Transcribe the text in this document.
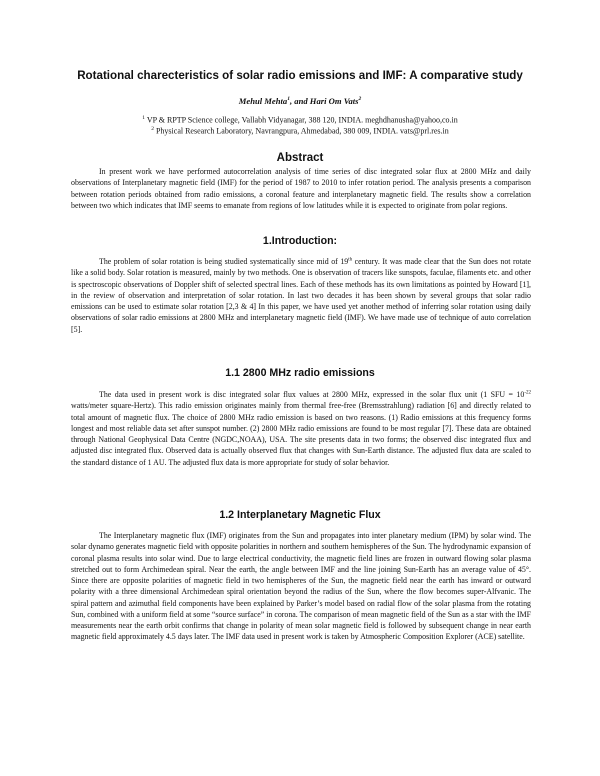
Rotational charecteristics of solar radio emissions and IMF: A comparative study
Mehul Mehta$^1$, and Hari Om Vats$^2$
$^1$ VP & RPTP Science college, Vallabh Vidyanagar, 388 120, INDIA. meghdhanusha@yahoo,co.in
$^2$ Physical Research Laboratory, Navrangpura, Ahmedabad, 380 009, INDIA. vats@prl.res.in
Abstract

In present work we have performed autocorrelation analysis of time series of disc integrated solar flux at 2800 MHz and daily observations of Interplanetary magnetic field (IMF) for the period of 1987 to 2010 to infer rotation period. The analysis presents a comparison between rotation periods obtained from radio emissions, a coronal feature and interplanetary magnetic field. The results show a correlation between two which indicates that IMF seems to emanate from regions of low latitudes while it is expected to originate from polar regions.

1.Introduction:

The problem of solar rotation is being studied systematically since mid of 19th century. It was made clear that the Sun does not rotate like a solid body. Solar rotation is measured, mainly by two methods. One is observation of tracers like sunspots, faculae, filaments etc. and other is spectroscopic observations of Doppler shift of selected spectral lines. Each of these methods has its own limitations as pointed by Howard [1], in the review of observation and interpretation of solar rotation. In last two decades it has been shown by several groups that solar radio emissions can be used to estimate solar rotation [2,3 & 4] In this paper, we have used yet another method of inferring solar rotation using daily observations of solar radio emissions at 2800 MHz and interplanetary magnetic field (IMF). We have made use of technique of auto correlation [5].

1.1 2800 MHz radio emissions

The data used in present work is disc integrated solar flux values at 2800 MHz, expressed in the solar flux unit (1 SFU = $10^{-22}$ watts/meter square-Hertz). This radio emission originates mainly from thermal free-free (Bremsstrahlung) radiation [6] and directly related to total amount of magnetic flux. The choice of 2800 MHz radio emission is based on two reasons. (1) Radio emissions at this frequency forms longest and most reliable data set after sunspot number. (2) 2800 MHz radio emissions are found to be most regular [7]. These data are obtained through National Geophysical Data Centre (NGDC,NOAA), USA. The site presents data in two forms; the observed disc integrated flux and adjusted disc integrated flux. Observed data is actually observed flux that changes with Sun-Earth distance. The adjusted flux data are scaled to the standard distance of 1 AU. The adjusted flux data is more appropriate for study of solar behavior.

1.2 Interplanetary Magnetic Flux

The Interplanetary magnetic flux (IMF) originates from the Sun and propagates into inter planetary medium (IPM) by solar wind. The solar dynamo generates magnetic field with opposite polarities in northern and southern hemispheres of the Sun. The hydrodynamic expansion of coronal plasma results into solar wind. Due to large electrical conductivity, the magnetic field lines are frozen in outward flowing solar plasma stretched out to form Archimedean spiral. Near the earth, the angle between IMF and the line joining Sun-Earth has an average value of 45°. Since there are opposite polarities of magnetic field in two hemispheres of the Sun, the magnetic field near the earth has inward or outward polarity with a three dimensional Archimedean spiral orientation beyond the radius of the Sun, where the flow becomes super-Alfvanic. The spiral pattern and azimuthal field components have been explained by Parker’s model based on radial flow of the solar plasma from the rotating Sun, combined with a uniform field at some “source surface” in corona. The comparison of mean magnetic field of the Sun as a star with the IMF measurements near the earth orbit confirms that change in polarity of mean solar magnetic field is followed by subsequent change in near earth magnetic field approximately 4.5 days later. The IMF data used in present work is taken by Atmospheric Composition Explorer (ACE) satellite.
